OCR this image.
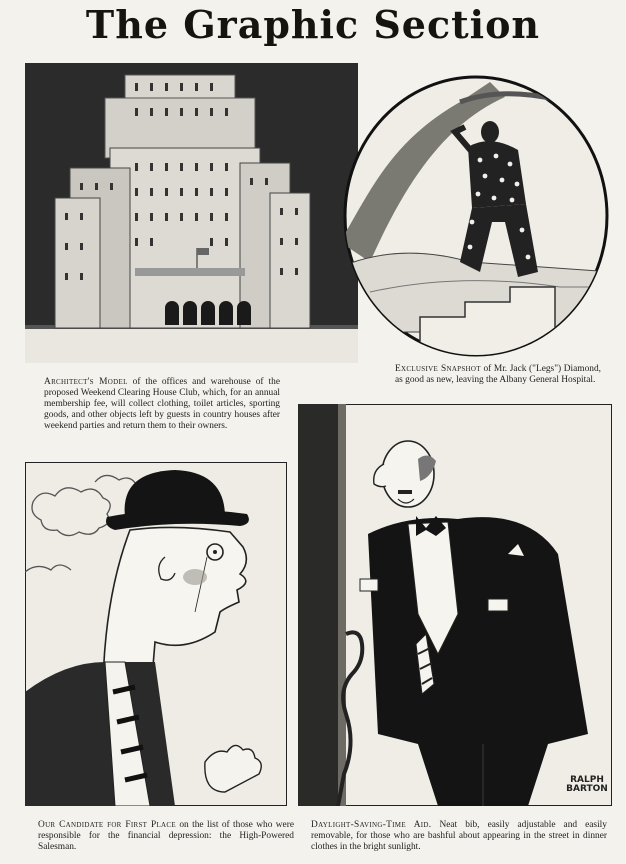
The Graphic Section
Architect's Model of the offices and warehouse of the proposed Weekend Clearing House Club, which, for an annual membership fee, will collect clothing, toilet articles, sporting goods, and other objects left by guests in country houses after weekend parties and return them to their owners.
Exclusive Snapshot of Mr. Jack ("Legs") Diamond, as good as new, leaving the Albany General Hospital.
Our Candidate for First Place on the list of those who were responsible for the financial depression: the High-Powered Salesman.
RALPH
BARTON
Daylight-Saving-Time Aid. Neat bib, easily adjustable and easily removable, for those who are bashful about appearing in the street in dinner clothes in the bright sunlight.
